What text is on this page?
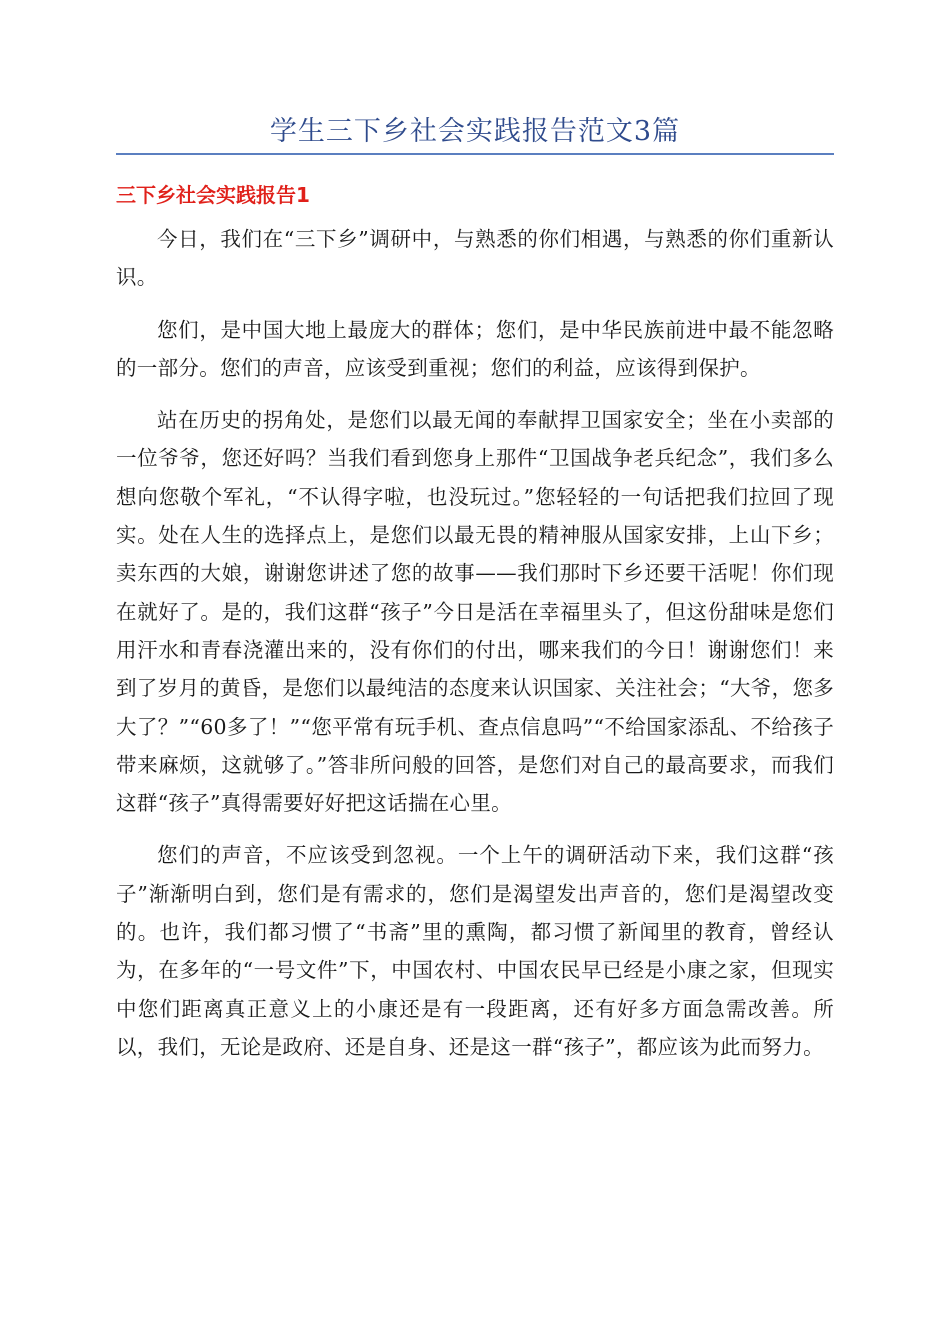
学生三下乡社会实践报告范文3篇
三下乡社会实践报告1

今日，我们在“三下乡”调研中，与熟悉的你们相遇，与熟悉的你们重新认识。

您们，是中国大地上最庞大的群体；您们，是中华民族前进中最不能忽略的一部分。您们的声音，应该受到重视；您们的利益，应该得到保护。

站在历史的拐角处，是您们以最无闻的奉献捍卫国家安全；坐在小卖部的一位爷爷，您还好吗？当我们看到您身上那件“卫国战争老兵纪念”，我们多么想向您敬个军礼，“不认得字啦，也没玩过。”您轻轻的一句话把我们拉回了现实。处在人生的选择点上，是您们以最无畏的精神服从国家安排，上山下乡；卖东西的大娘，谢谢您讲述了您的故事——我们那时下乡还要干活呢！你们现在就好了。是的，我们这群“孩子”今日是活在幸福里头了，但这份甜味是您们用汗水和青春浇灌出来的，没有你们的付出，哪来我们的今日！谢谢您们！来到了岁月的黄昏，是您们以最纯洁的态度来认识国家、关注社会；“大爷，您多大了？”“60多了！”“您平常有玩手机、查点信息吗”“不给国家添乱、不给孩子带来麻烦，这就够了。”答非所问般的回答，是您们对自己的最高要求，而我们这群“孩子”真得需要好好把这话揣在心里。

您们的声音，不应该受到忽视。一个上午的调研活动下来，我们这群“孩子”渐渐明白到，您们是有需求的，您们是渴望发出声音的，您们是渴望改变的。也许，我们都习惯了“书斋”里的熏陶，都习惯了新闻里的教育，曾经认为，在多年的“一号文件”下，中国农村、中国农民早已经是小康之家，但现实中您们距离真正意义上的小康还是有一段距离，还有好多方面急需改善。所以，我们，无论是政府、还是自身、还是这一群“孩子”，都应该为此而努力。
